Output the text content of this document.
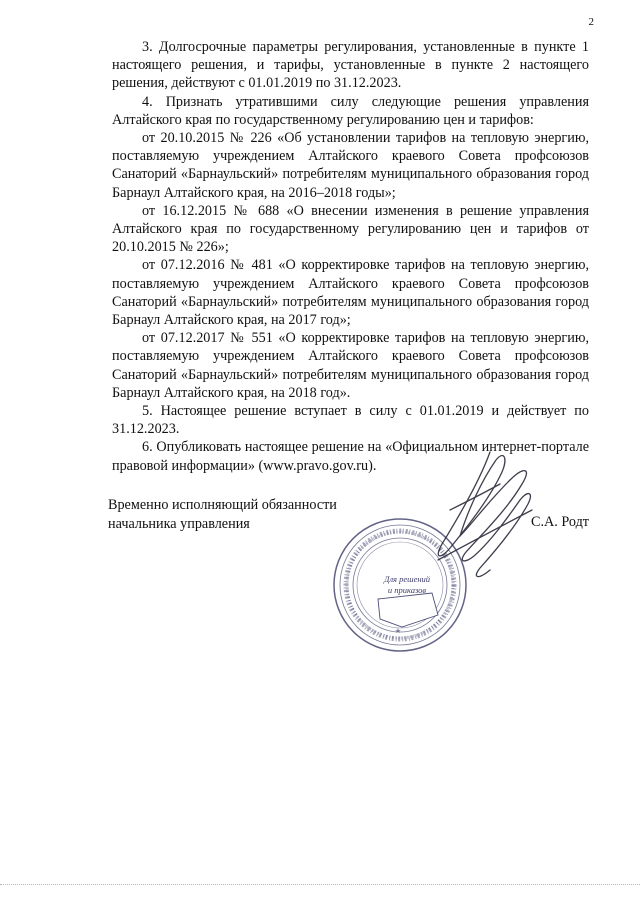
2

3. Долгосрочные параметры регулирования, установленные в пункте 1 настоящего решения, и тарифы, установленные в пункте 2 настоящего решения, действуют с 01.01.2019 по 31.12.2023.

4. Признать утратившими силу следующие решения управления Алтайского края по государственному регулированию цен и тарифов:

от 20.10.2015 № 226 «Об установлении тарифов на тепловую энергию, поставляемую учреждением Алтайского краевого Совета профсоюзов Санаторий «Барнаульский» потребителям муниципального образования город Барнаул Алтайского края, на 2016–2018 годы»;

от 16.12.2015 № 688 «О внесении изменения в решение управления Алтайского края по государственному регулированию цен и тарифов от 20.10.2015 № 226»;

от 07.12.2016 № 481 «О корректировке тарифов на тепловую энергию, поставляемую учреждением Алтайского краевого Совета профсоюзов Санаторий «Барнаульский» потребителям муниципального образования город Барнаул Алтайского края, на 2017 год»;

от 07.12.2017 № 551 «О корректировке тарифов на тепловую энергию, поставляемую учреждением Алтайского краевого Совета профсоюзов Санаторий «Барнаульский» потребителям муниципального образования город Барнаул Алтайского края, на 2018 год».

5. Настоящее решение вступает в силу с 01.01.2019 и действует по 31.12.2023.

6. Опубликовать настоящее решение на «Официальном интернет-портале правовой информации» (www.pravo.gov.ru).

Временно исполняющий обязанности
начальника управления
Для решений
и приказов
С.А. Родт
